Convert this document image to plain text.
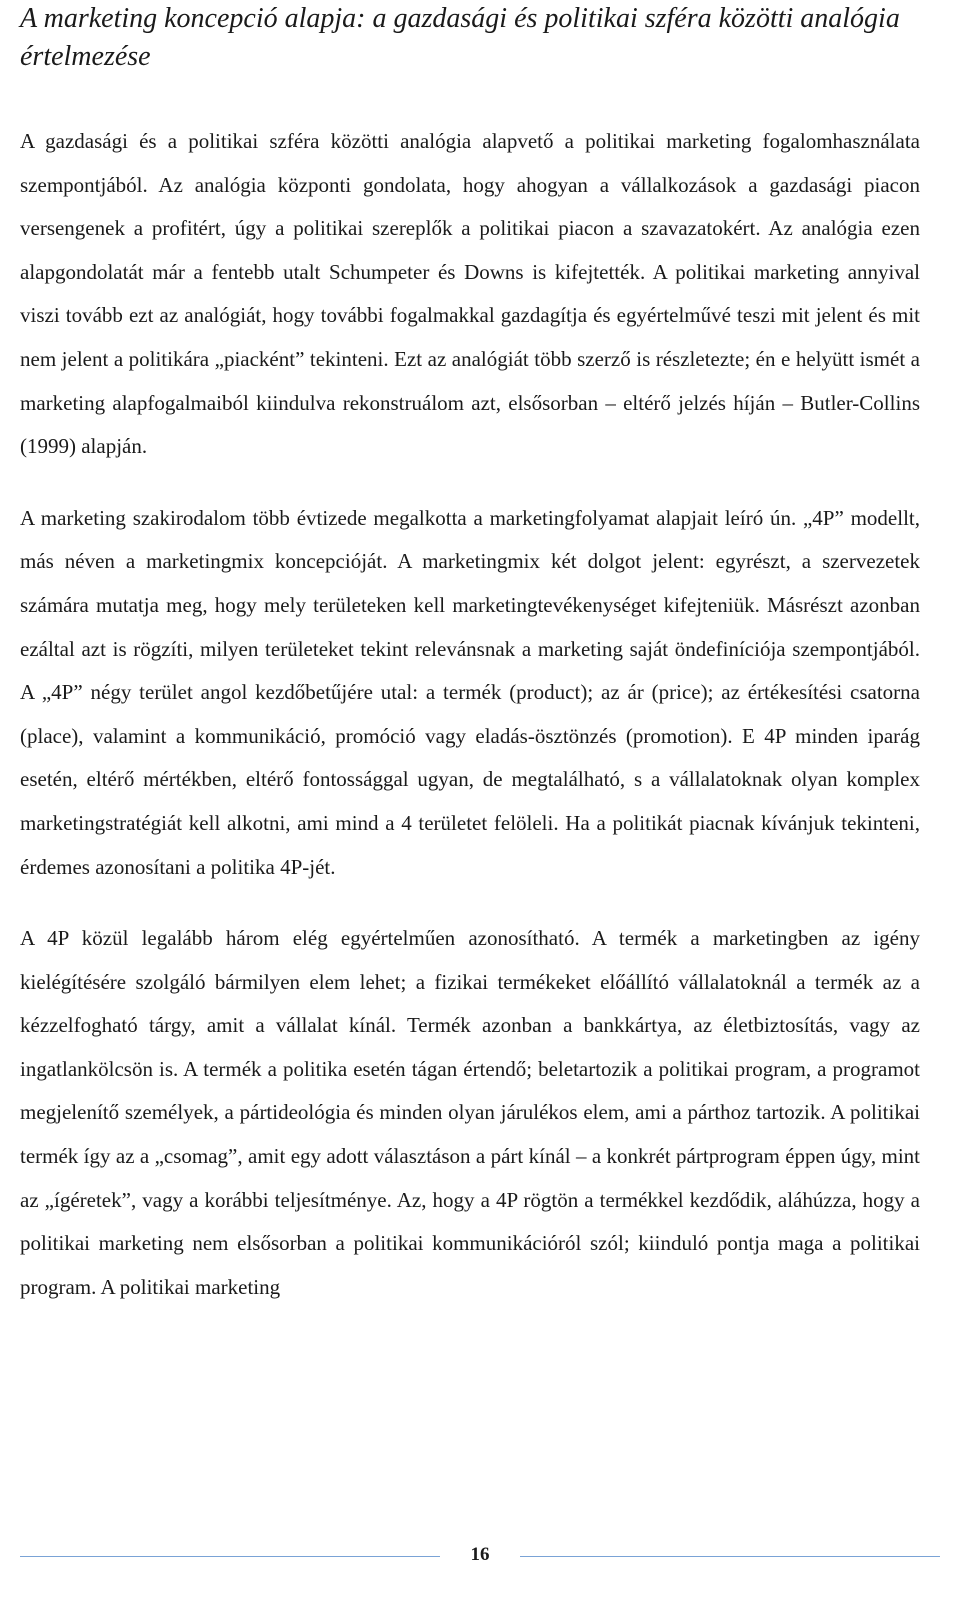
A marketing koncepció alapja: a gazdasági és politikai szféra közötti analógia értelmezése

A gazdasági és a politikai szféra közötti analógia alapvető a politikai marketing fogalomhasználata szempontjából. Az analógia központi gondolata, hogy ahogyan a vállalkozások a gazdasági piacon versengenek a profitért, úgy a politikai szereplők a politikai piacon a szavazatokért. Az analógia ezen alapgondolatát már a fentebb utalt Schumpeter és Downs is kifejtették. A politikai marketing annyival viszi tovább ezt az analógiát, hogy további fogalmakkal gazdagítja és egyértelművé teszi mit jelent és mit nem jelent a politikára „piacként” tekinteni. Ezt az analógiát több szerző is részletezte; én e helyütt ismét a marketing alapfogalmaiból kiindulva rekonstruálom azt, elsősorban – eltérő jelzés híján – Butler-Collins (1999) alapján.

A marketing szakirodalom több évtizede megalkotta a marketingfolyamat alapjait leíró ún. „4P” modellt, más néven a marketingmix koncepcióját. A marketingmix két dolgot jelent: egyrészt, a szervezetek számára mutatja meg, hogy mely területeken kell marketingtevékenységet kifejteniük. Másrészt azonban ezáltal azt is rögzíti, milyen területeket tekint relevánsnak a marketing saját öndefiníciója szempontjából. A „4P” négy terület angol kezdőbetűjére utal: a termék (product); az ár (price); az értékesítési csatorna (place), valamint a kommunikáció, promóció vagy eladás-ösztönzés (promotion). E 4P minden iparág esetén, eltérő mértékben, eltérő fontossággal ugyan, de megtalálható, s a vállalatoknak olyan komplex marketingstratégiát kell alkotni, ami mind a 4 területet felöleli. Ha a politikát piacnak kívánjuk tekinteni, érdemes azonosítani a politika 4P-jét.

A 4P közül legalább három elég egyértelműen azonosítható. A termék a marketingben az igény kielégítésére szolgáló bármilyen elem lehet; a fizikai termékeket előállító vállalatoknál a termék az a kézzelfogható tárgy, amit a vállalat kínál. Termék azonban a bankkártya, az életbiztosítás, vagy az ingatlankölcsön is. A termék a politika esetén tágan értendő; beletartozik a politikai program, a programot megjelenítő személyek, a pártideológia és minden olyan járulékos elem, ami a párthoz tartozik. A politikai termék így az a „csomag”, amit egy adott választáson a párt kínál – a konkrét pártprogram éppen úgy, mint az „ígéretek”, vagy a korábbi teljesítménye. Az, hogy a 4P rögtön a termékkel kezdődik, aláhúzza, hogy a politikai marketing nem elsősorban a politikai kommunikációról szól; kiinduló pontja maga a politikai program. A politikai marketing

16
